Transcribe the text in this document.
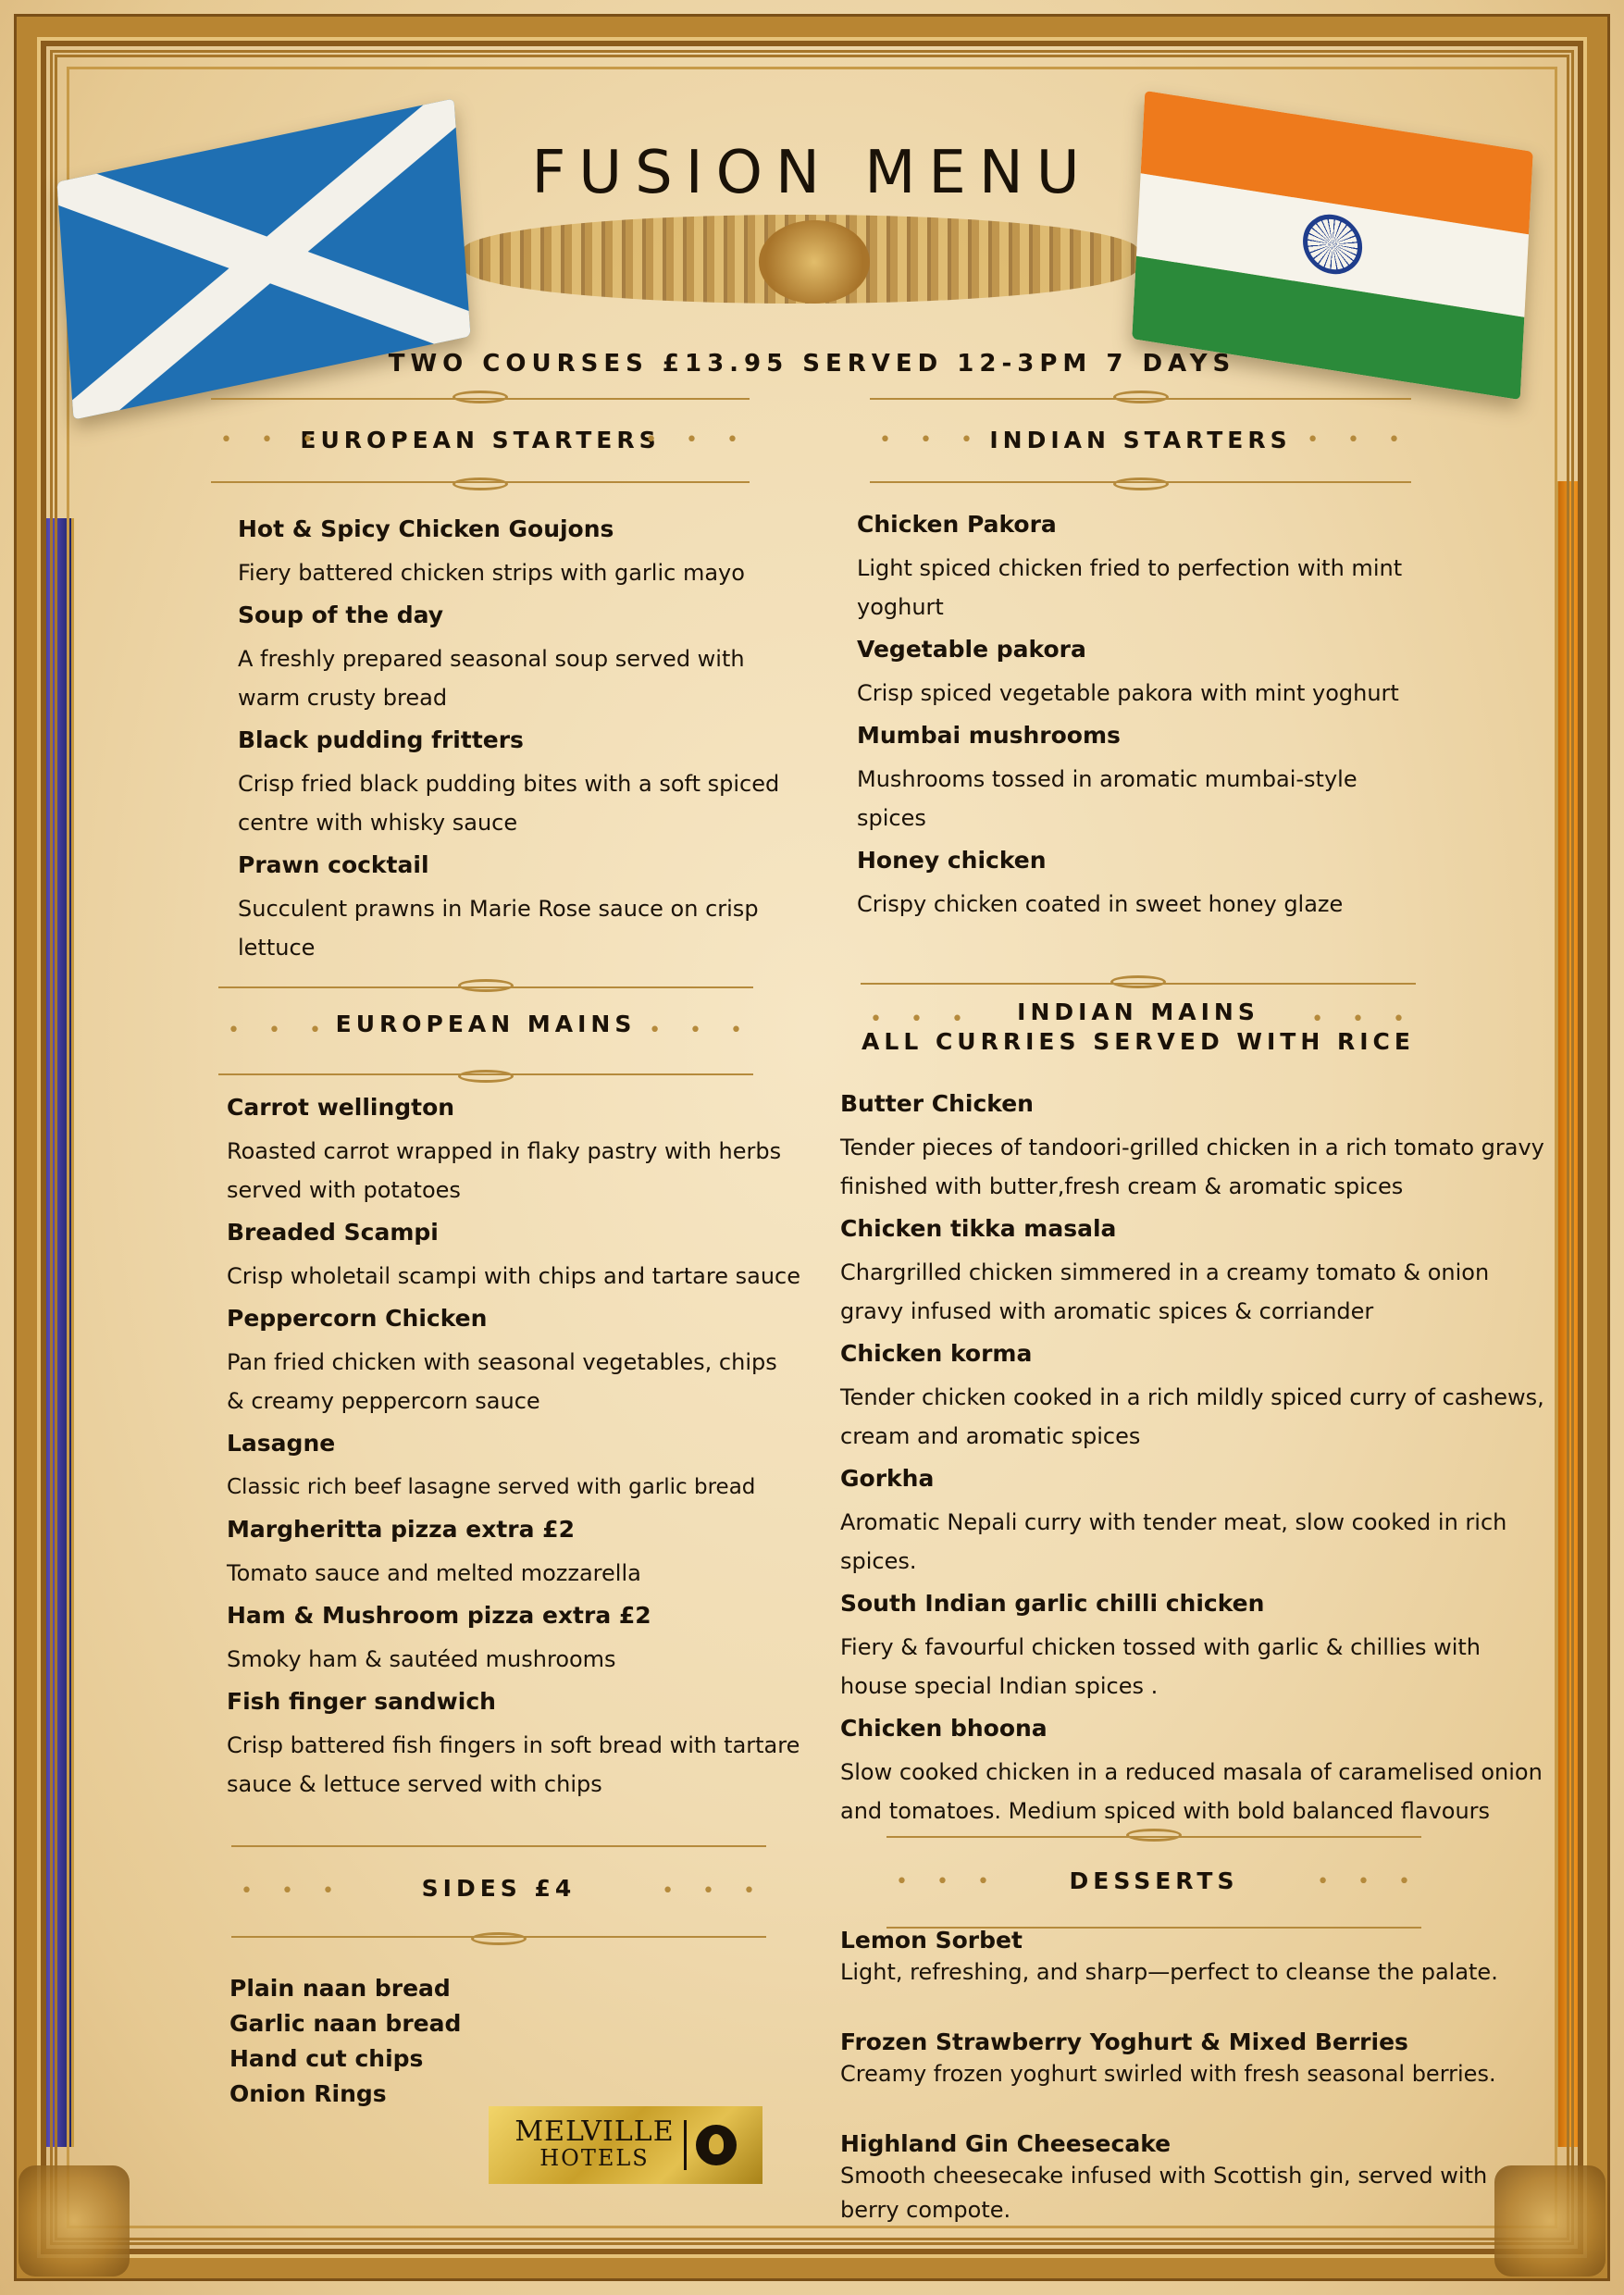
FUSION MENU

TWO COURSES £13.95 SERVED 12-3PM 7 DAYS

• • •	• • •
EUROPEAN STARTERS	• • •	• • •
INDIAN STARTERS

Hot & Spicy Chicken Goujons

Fiery battered chicken strips with garlic mayo

Soup of the day

A freshly prepared seasonal soup served with warm crusty bread

Black pudding fritters

Crisp fried black pudding bites with a soft spiced centre with whisky sauce

Prawn cocktail

Succulent prawns in Marie Rose sauce on crisp lettuce

Chicken Pakora

Light spiced chicken fried to perfection with mint yoghurt

Vegetable pakora

Crisp spiced vegetable pakora with mint yoghurt

Mumbai mushrooms

Mushrooms tossed in aromatic mumbai-style spices

Honey chicken

Crispy chicken coated in sweet honey glaze

• • •	• • •
EUROPEAN MAINS	• • •	• • •
INDIAN MAINS
ALL CURRIES SERVED WITH RICE

Carrot wellington

Roasted carrot wrapped in flaky pastry with herbs served with potatoes

Breaded Scampi

Crisp wholetail scampi with chips and tartare sauce

Peppercorn Chicken

Pan fried chicken with seasonal vegetables, chips & creamy peppercorn sauce

Lasagne

Classic rich beef lasagne served with garlic bread

Margheritta pizza extra £2

Tomato sauce and melted mozzarella

Ham & Mushroom pizza extra £2

Smoky ham & sautéed mushrooms

Fish finger sandwich

Crisp battered fish fingers in soft bread with tartare sauce & lettuce served with chips

Butter Chicken

Tender pieces of tandoori-grilled chicken in a rich tomato gravy finished with butter,fresh cream & aromatic spices

Chicken tikka masala

Chargrilled chicken simmered in a creamy tomato & onion gravy infused with aromatic spices & corriander

Chicken korma

Tender chicken cooked in a rich mildly spiced curry of cashews, cream and aromatic spices

Gorkha

Aromatic Nepali curry with tender meat, slow cooked in rich spices.

South Indian garlic chilli chicken

Fiery & favourful chicken tossed with garlic & chillies with house special Indian spices .

Chicken bhoona

Slow cooked chicken in a reduced masala of caramelised onion and tomatoes. Medium spiced with bold balanced flavours

• • •	• • •
SIDES £4
Plain naan bread
Garlic naan bread
Hand cut chips
Onion Rings
• • •	• • •
DESSERTS

Lemon Sorbet

Light, refreshing, and sharp—perfect to cleanse the palate.

Frozen Strawberry Yoghurt & Mixed Berries

Creamy frozen yoghurt swirled with fresh seasonal berries.

Highland Gin Cheesecake

Smooth cheesecake infused with Scottish gin, served with berry compote.

MELVILLE
HOTELS
